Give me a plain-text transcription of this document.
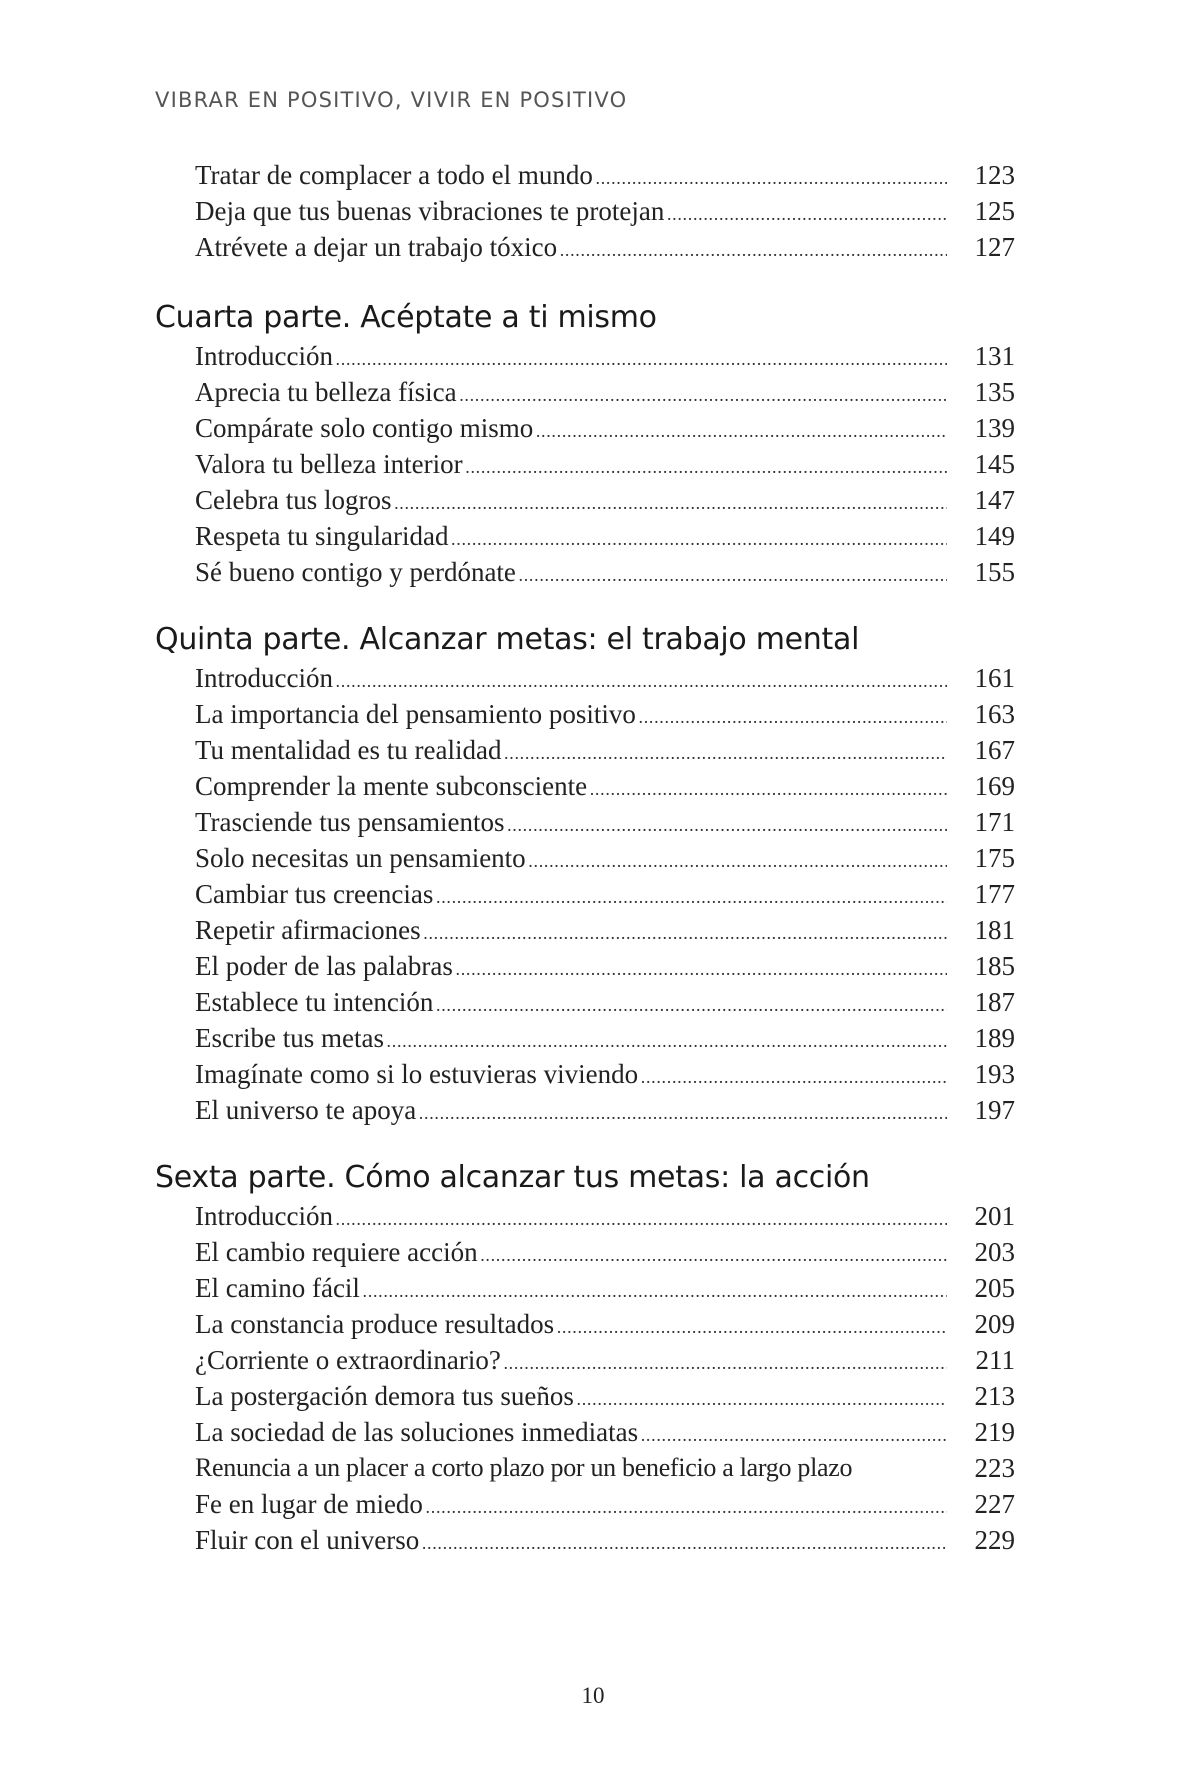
VIBRAR EN POSITIVO, VIVIR EN POSITIVO
Tratar de complacer a todo el mundo . . .	123
Deja que tus buenas vibraciones te protejan . . .	125
Atrévete a dejar un trabajo tóxico . . .	127
Cuarta parte. Acéptate a ti mismo
Introducción . . .	131
Aprecia tu belleza física . . .	135
Compárate solo contigo mismo . . .	139
Valora tu belleza interior . . .	145
Celebra tus logros . . .	147
Respeta tu singularidad . . .	149
Sé bueno contigo y perdónate . . .	155
Quinta parte. Alcanzar metas: el trabajo mental
Introducción . . .	161
La importancia del pensamiento positivo . . .	163
Tu mentalidad es tu realidad . . .	167
Comprender la mente subconsciente . . .	169
Trasciende tus pensamientos . . .	171
Solo necesitas un pensamiento . . .	175
Cambiar tus creencias . . .	177
Repetir afirmaciones . . .	181
El poder de las palabras . . .	185
Establece tu intención . . .	187
Escribe tus metas . . .	189
Imagínate como si lo estuvieras viviendo . . .	193
El universo te apoya . . .	197
Sexta parte. Cómo alcanzar tus metas: la acción
Introducción . . .	201
El cambio requiere acción . . .	203
El camino fácil . . .	205
La constancia produce resultados . . .	209
¿Corriente o extraordinario? . . .	211
La postergación demora tus sueños . . .	213
La sociedad de las soluciones inmediatas . . .	219
Renuncia a un placer a corto plazo por un beneficio a largo plazo	223
Fe en lugar de miedo . . .	227
Fluir con el universo . . .	229
10
